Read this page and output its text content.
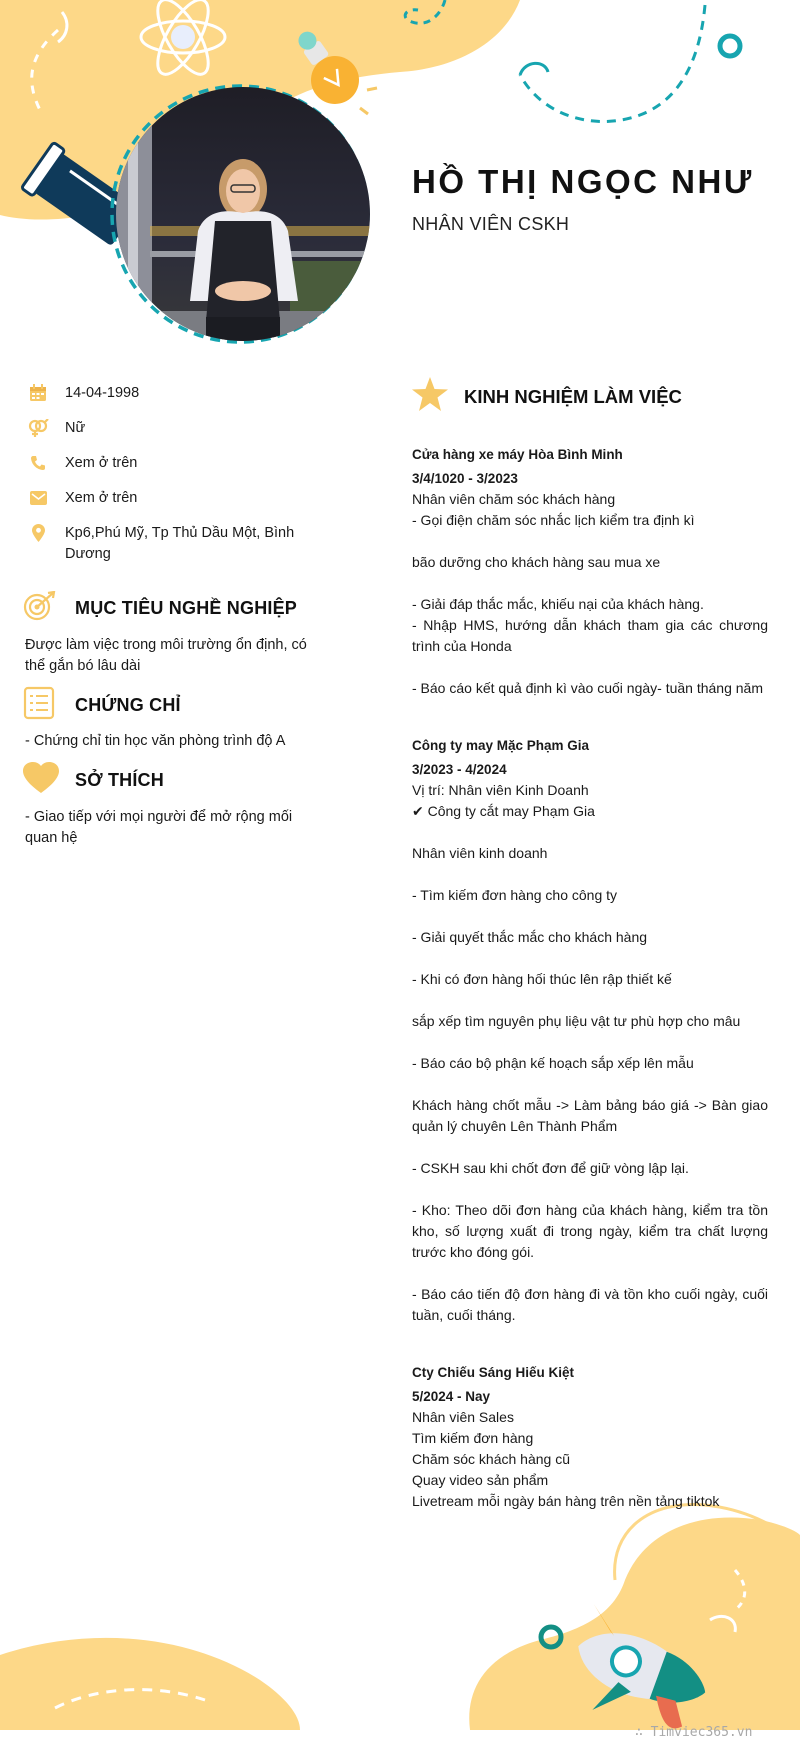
HỒ THỊ NGỌC NHƯ
NHÂN VIÊN CSKH
14-04-1998
Nữ
Xem ở trên
Xem ở trên
Kp6,Phú Mỹ, Tp Thủ Dầu Một, Bình Dương
MỤC TIÊU NGHỀ NGHIỆP
Được làm việc trong môi trường ổn định, có thể gắn bó lâu dài
CHỨNG CHỈ
- Chứng chỉ tin học văn phòng trình độ A
SỞ THÍCH
- Giao tiếp với mọi người để mở rộng mối quan hệ
KINH NGHIỆM LÀM VIỆC
Cửa hàng xe máy Hòa Bình Minh
3/4/1020 - 3/2023
Nhân viên chăm sóc khách hàng
- Gọi điện chăm sóc nhắc lịch kiểm tra định kì

bão dưỡng cho khách hàng sau mua xe

- Giải đáp thắc mắc, khiếu nại của khách hàng.
- Nhập HMS, hướng dẫn khách tham gia các chương trình của Honda

- Báo cáo kết quả định kì vào cuối ngày- tuần tháng năm
Công ty may Mặc Phạm Gia
3/2023 - 4/2024
Vị trí: Nhân viên Kinh Doanh
✔ Công ty cắt may Phạm Gia

Nhân viên kinh doanh

- Tìm kiếm đơn hàng cho công ty

- Giải quyết thắc mắc cho khách hàng

- Khi có đơn hàng hối thúc lên rập thiết kế

sắp xếp tìm nguyên phụ liệu vật tư phù hợp cho mâu

- Báo cáo bộ phận kế hoạch sắp xếp lên mẫu

Khách hàng chốt mẫu -> Làm bảng báo giá -> Bàn giao quản lý chuyên Lên Thành Phẩm

- CSKH sau khi chốt đơn để giữ vòng lập lại.

- Kho: Theo dõi đơn hàng của khách hàng, kiểm tra tồn kho, số lượng xuất đi trong ngày, kiểm tra chất lượng trước kho đóng gói.

- Báo cáo tiến độ đơn hàng đi và tồn kho cuối ngày, cuối tuần, cuối tháng.
Cty Chiếu Sáng Hiếu Kiệt
5/2024 - Nay
Nhân viên Sales
Tìm kiếm đơn hàng
Chăm sóc khách hàng cũ
Quay video sản phẩm
Livetream mỗi ngày bán hàng trên nền tảng tiktok
∴ Timviec365.vn
